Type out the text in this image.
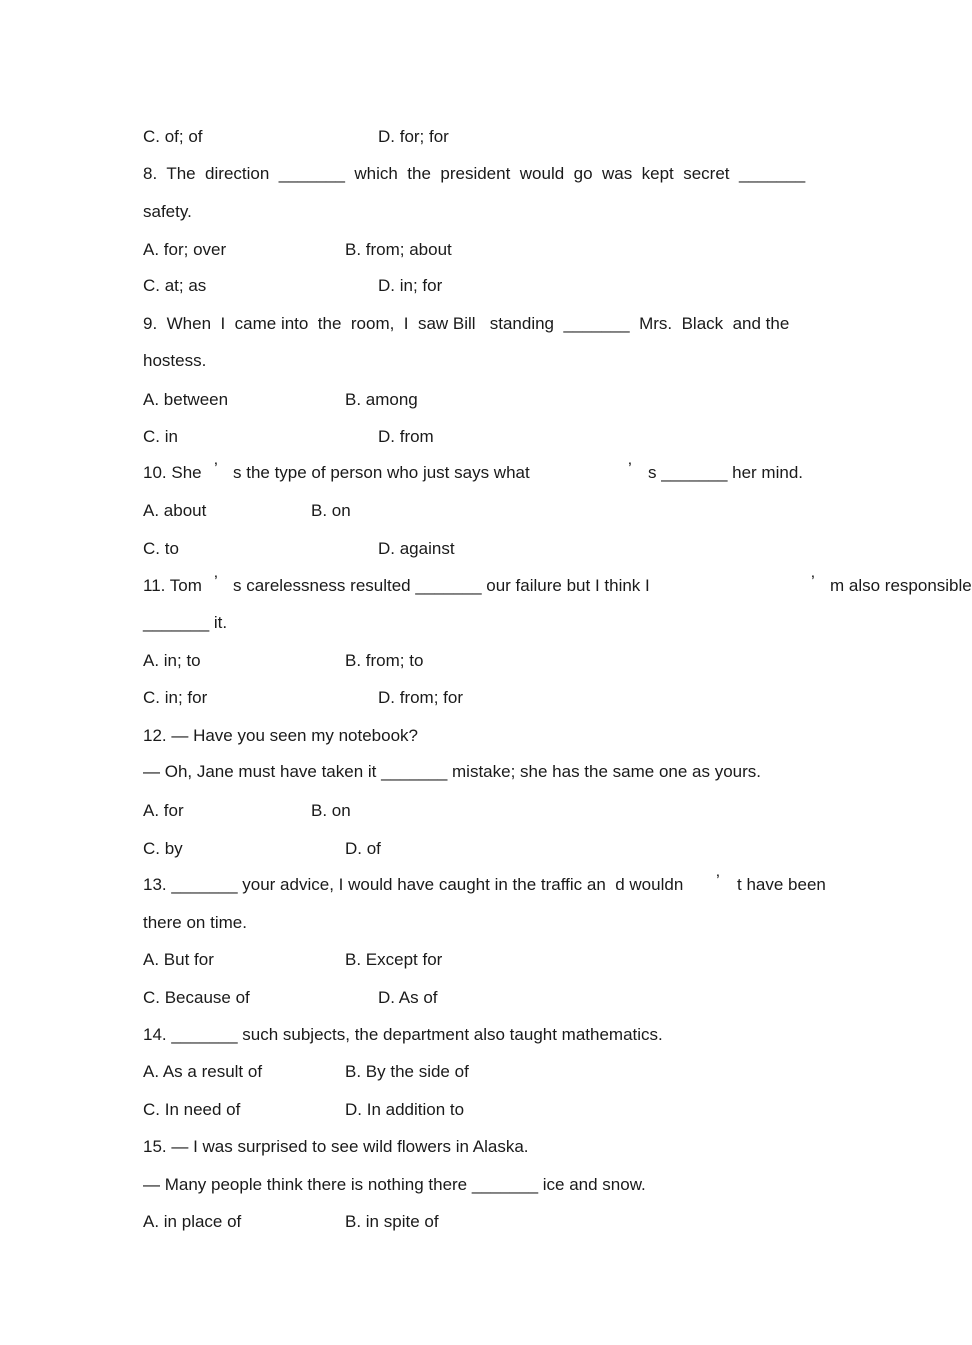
C. of; of	D. for; for
8.  The  direction  _______  which  the  president  would  go  was  kept  secret  _______
safety.
A. for; over	B. from; about
C. at; as	D. in; for
9.  When  I  came into  the  room,  I  saw Bill   standing  _______  Mrs.  Black  and the
hostess.
A. between	B. among
C. in	D. from
10. She ’ s the type of person who just says what	’ s _______ her mind.
A. about	B. on
C. to	D. against
11. Tom ’ s carelessness resulted _______ our failure but I think I	’ m also responsible
_______ it.
A. in; to	B. from; to
C. in; for	D. from; for
12. — Have you seen my notebook?
— Oh, Jane must have taken it _______ mistake; she has the same one as yours.
A. for	B. on
C. by	D. of
13. _______ your advice, I would have caught in the traffic an  d wouldn ’ t have been
there on time.
A. But for	B. Except for
C. Because of	D. As of
14. _______ such subjects, the department also taught mathematics.
A. As a result of	B. By the side of
C. In need of	D. In addition to
15. — I was surprised to see wild flowers in Alaska.
— Many people think there is nothing there _______ ice and snow.
A. in place of	B. in spite of
